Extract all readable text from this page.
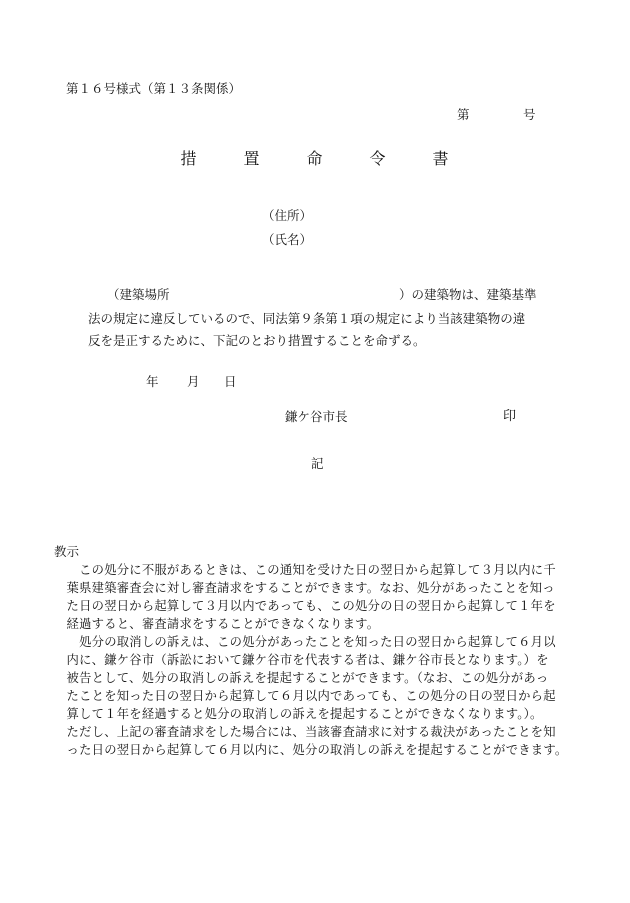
第１６号様式（第１３条関係）
第	号
措	置	命	令	書
（住所）
（氏名）
（建築場所	）の建築物は、建築基準
法の規定に違反しているので、同法第９条第１項の規定により当該建築物の違
反を是正するために、下記のとおり措置することを命ずる。
年 月 日
鎌ケ谷市長	印
記
教示
　　この処分に不服があるときは、この通知を受けた日の翌日から起算して３月以内に千
　葉県建築審査会に対し審査請求をすることができます。なお、処分があったことを知っ
　た日の翌日から起算して３月以内であっても、この処分の日の翌日から起算して１年を
　経過すると、審査請求をすることができなくなります。
　　処分の取消しの訴えは、この処分があったことを知った日の翌日から起算して６月以
　内に、鎌ケ谷市（訴訟において鎌ケ谷市を代表する者は、鎌ケ谷市長となります。）を
　被告として、処分の取消しの訴えを提起することができます。（なお、この処分があっ
　たことを知った日の翌日から起算して６月以内であっても、この処分の日の翌日から起
　算して１年を経過すると処分の取消しの訴えを提起することができなくなります。）。
　ただし、上記の審査請求をした場合には、当該審査請求に対する裁決があったことを知
　った日の翌日から起算して６月以内に、処分の取消しの訴えを提起することができます。
